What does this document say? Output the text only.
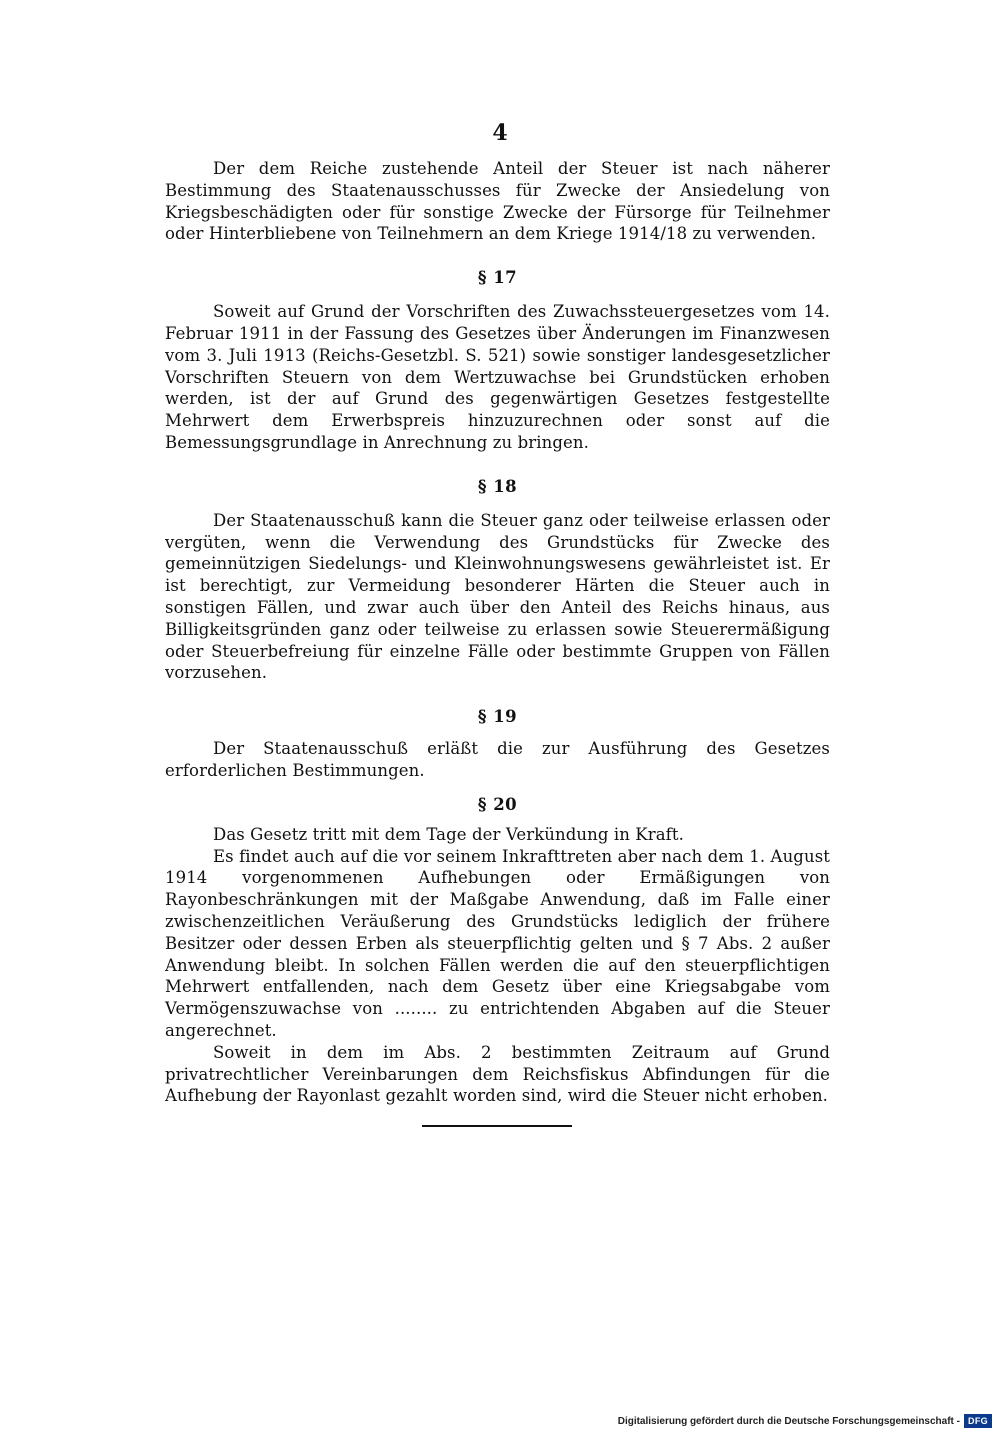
4

Der dem Reiche zustehende Anteil der Steuer ist nach näherer Bestimmung des Staatenausschusses für Zwecke der Ansiedelung von Kriegsbeschädigten oder für sonstige Zwecke der Fürsorge für Teilnehmer oder Hinterbliebene von Teilnehmern an dem Kriege 1914/18 zu verwenden.

§ 17

Soweit auf Grund der Vorschriften des Zuwachssteuergesetzes vom 14. Februar 1911 in der Fassung des Gesetzes über Änderungen im Finanzwesen vom 3. Juli 1913 (Reichs-Gesetzbl. S. 521) sowie sonstiger landesgesetzlicher Vorschriften Steuern von dem Wertzuwachse bei Grundstücken erhoben werden, ist der auf Grund des gegenwärtigen Gesetzes festgestellte Mehrwert dem Erwerbspreis hinzuzurechnen oder sonst auf die Bemessungsgrundlage in Anrechnung zu bringen.

§ 18

Der Staatenausschuß kann die Steuer ganz oder teilweise erlassen oder vergüten, wenn die Verwendung des Grundstücks für Zwecke des gemeinnützigen Siedelungs- und Kleinwohnungswesens gewährleistet ist. Er ist berechtigt, zur Vermeidung besonderer Härten die Steuer auch in sonstigen Fällen, und zwar auch über den Anteil des Reichs hinaus, aus Billigkeitsgründen ganz oder teilweise zu erlassen sowie Steuerermäßigung oder Steuerbefreiung für einzelne Fälle oder bestimmte Gruppen von Fällen vorzusehen.

§ 19

Der Staatenausschuß erläßt die zur Ausführung des Gesetzes erforderlichen Bestimmungen.

§ 20

Das Gesetz tritt mit dem Tage der Verkündung in Kraft.

Es findet auch auf die vor seinem Inkrafttreten aber nach dem 1. August 1914 vorgenommenen Aufhebungen oder Ermäßigungen von Rayonbeschränkungen mit der Maßgabe Anwendung, daß im Falle einer zwischenzeitlichen Veräußerung des Grundstücks lediglich der frühere Besitzer oder dessen Erben als steuerpflichtig gelten und § 7 Abs. 2 außer Anwendung bleibt. In solchen Fällen werden die auf den steuerpflichtigen Mehrwert entfallenden, nach dem Gesetz über eine Kriegsabgabe vom Vermögenszuwachse von ........ zu entrichtenden Abgaben auf die Steuer angerechnet.

Soweit in dem im Abs. 2 bestimmten Zeitraum auf Grund privatrechtlicher Vereinbarungen dem Reichsfiskus Abfindungen für die Aufhebung der Rayonlast gezahlt worden sind, wird die Steuer nicht erhoben.

Digitalisierung gefördert durch die Deutsche Forschungsgemeinschaft - DFG
